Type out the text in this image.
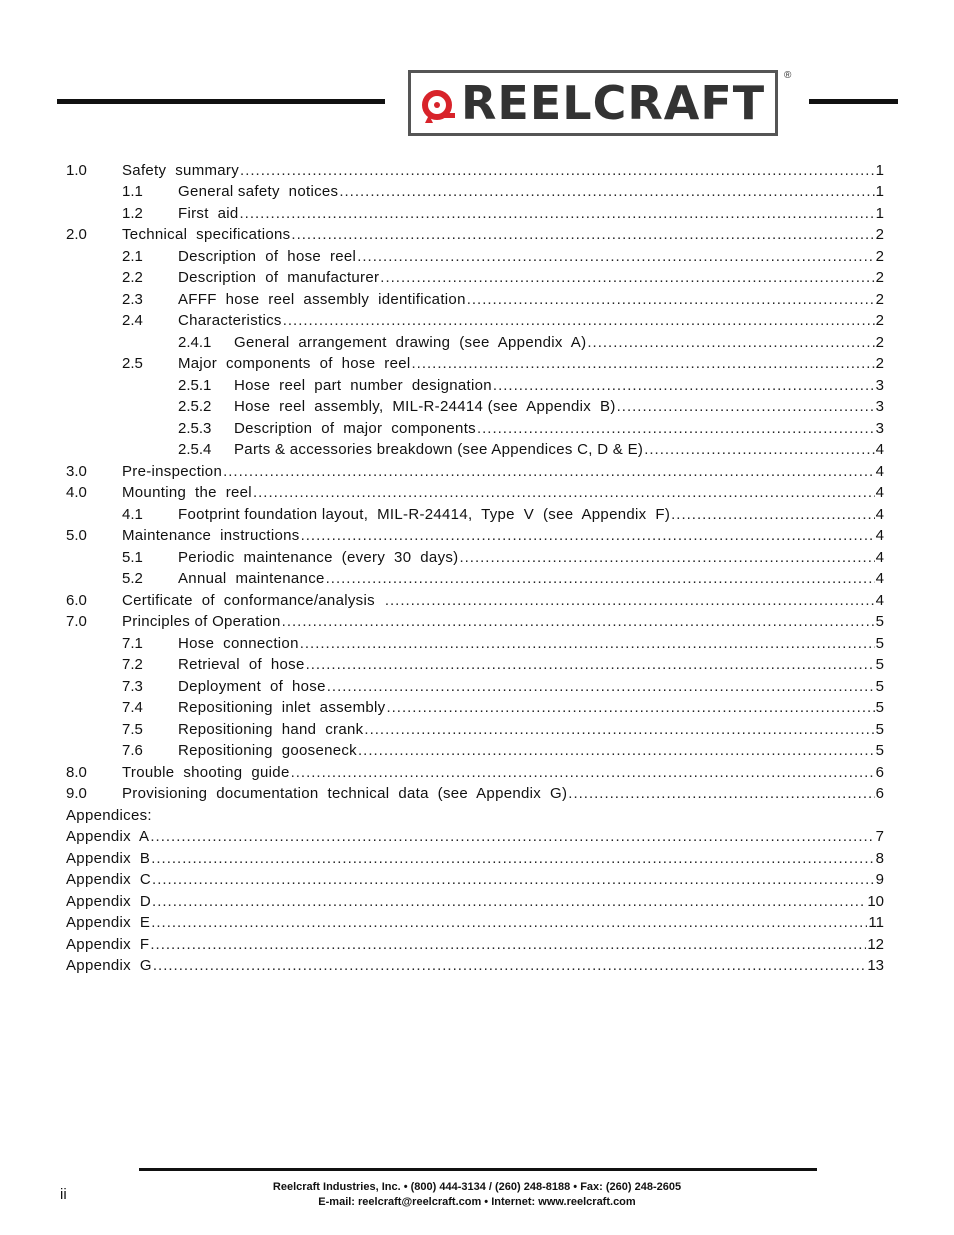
REELCRAFT
®
1.0	Safety  summary .....	1
1.1	General safety  notices .....	1
1.2	First  aid .....	1
2.0	Technical  specifications .....	2
2.1	Description  of  hose  reel .....	2
2.2	Description  of  manufacturer .....	2
2.3	AFFF  hose  reel  assembly  identification .....	2
2.4	Characteristics .....	2
2.4.1	General  arrangement  drawing  (see  Appendix  A) .....	2
2.5	Major  components  of  hose  reel .....	2
2.5.1	Hose  reel  part  number  designation .....	3
2.5.2	Hose  reel  assembly,  MIL-R-24414 (see  Appendix  B) .....	3
2.5.3	Description  of  major  components .....	3
2.5.4	Parts & accessories breakdown (see Appendices C, D & E) .....	4
3.0	Pre-inspection .....	4
4.0	Mounting  the  reel .....	4
4.1	Footprint foundation layout,  MIL-R-24414,  Type  V  (see  Appendix  F) .....	4
5.0	Maintenance  instructions .....	4
5.1	Periodic  maintenance  (every  30  days) .....	4
5.2	Annual  maintenance .....	4
6.0	Certificate  of  conformance/analysis .....	4
7.0	Principles of Operation .....	5
7.1	Hose  connection .....	5
7.2	Retrieval  of  hose .....	5
7.3	Deployment  of  hose .....	5
7.4	Repositioning  inlet  assembly .....	5
7.5	Repositioning  hand  crank .....	5
7.6	Repositioning  gooseneck .....	5
8.0	Trouble  shooting  guide .....	6
9.0	Provisioning  documentation  technical  data  (see  Appendix  G) .....	6
Appendices:
Appendix  A .....	7
Appendix  B .....	8
Appendix  C .....	9
Appendix  D .....	10
Appendix  E .....	11
Appendix  F .....	12
Appendix  G .....	13
ii	Reelcraft Industries, Inc. • (800) 444-3134 / (260) 248-8188 • Fax: (260) 248-2605
E-mail: reelcraft@reelcraft.com • Internet: www.reelcraft.com
